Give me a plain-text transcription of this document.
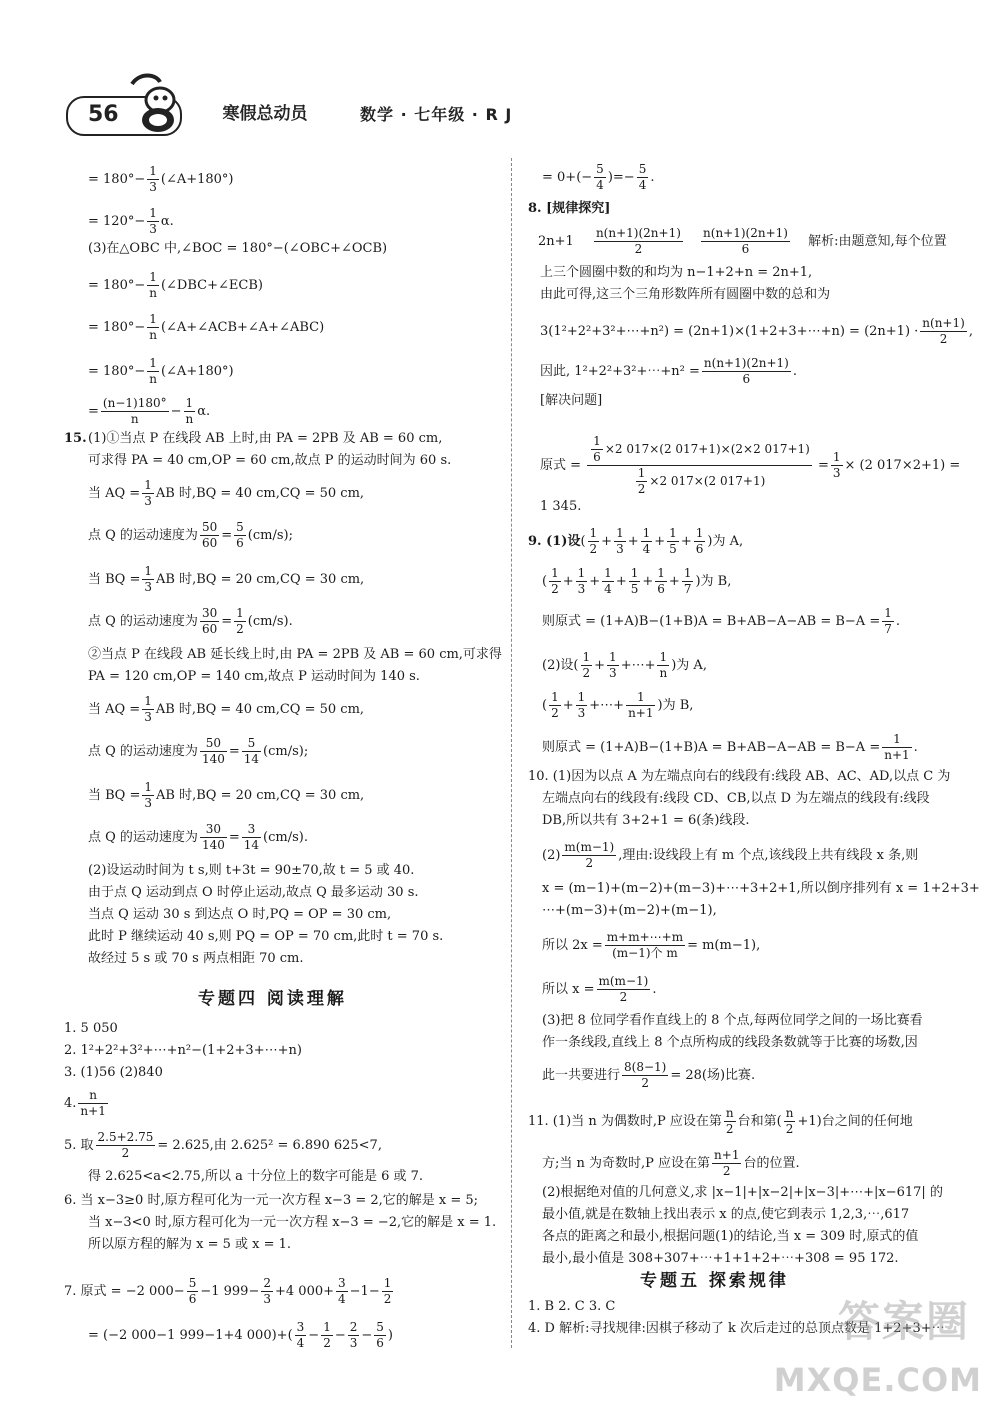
56	寒假总动员	数学 · 七年级 · R J
= $180^\circ- \frac{1}{3}$ (∠A+180°)
= $120^\circ- \frac{1}{3} \alpha$.
(3)在△OBC 中,∠BOC = 180°−(∠OBC+∠OCB)
= $180^\circ- \frac{1}{n}$ (∠DBC+∠ECB)
= $180^\circ- \frac{1}{n}$ (∠A+∠ACB+∠A+∠ABC)
= $180^\circ- \frac{1}{n}$ (∠A+180°)
= $\frac{(n-1)180^\circ}{n} - \frac{1}{n} \alpha$.
15. (1)①当点 P 在线段 AB 上时,由 PA = 2PB 及 AB = 60 cm,
可求得 PA = 40 cm,OP = 60 cm,故点 P 的运动时间为 60 s.
当 AQ = $\frac{1}{3}$ AB 时,BQ = 40 cm,CQ = 50 cm,
点 Q 的运动速度为 $\frac{50}{60} = \frac{5}{6} (cm/s)$;
当 BQ = $\frac{1}{3}$ AB 时,BQ = 20 cm,CQ = 30 cm,
点 Q 的运动速度为 $\frac{30}{60} = \frac{1}{2} (cm/s)$.
②当点 P 在线段 AB 延长线上时,由 PA = 2PB 及 AB = 60 cm,可求得
PA = 120 cm,OP = 140 cm,故点 P 运动时间为 140 s.
当 AQ = $\frac{1}{3}$ AB 时,BQ = 40 cm,CQ = 50 cm,
点 Q 的运动速度为 $\frac{50}{140} = \frac{5}{14} (cm/s)$;
当 BQ = $\frac{1}{3}$ AB 时,BQ = 20 cm,CQ = 30 cm,
点 Q 的运动速度为 $\frac{30}{140} = \frac{3}{14} (cm/s)$.
(2)设运动时间为 t s,则 t+3t = 90±70,故 t = 5 或 40.
由于点 Q 运动到点 O 时停止运动,故点 Q 最多运动 30 s.
当点 Q 运动 30 s 到达点 O 时,PQ = OP = 30 cm,
此时 P 继续运动 40 s,则 PQ = OP = 70 cm,此时 t = 70 s.
故经过 5 s 或 70 s 两点相距 70 cm.
专题四 阅读理解
1. 5 050
2. 1²+2²+3²+⋯+n²−(1+2+3+⋯+n)
3. (1)56 (2)840
4. $\frac{n}{n+1}$
5. 取 $\frac{2.5+2.75}{2} = 2.625$,由 2.625² = 6.890 625<7,
得 2.625<a<2.75,所以 a 十分位上的数字可能是 6 或 7.
6. 当 x−3≥0 时,原方程可化为一元一次方程 x−3 = 2,它的解是 x = 5;
当 x−3<0 时,原方程可化为一元一次方程 x−3 = −2,它的解是 x = 1.
所以原方程的解为 x = 5 或 x = 1.
7. 原式 = −2 $000- \frac{5}{6} -1$ $999- \frac{2}{3} +4$ $000+ \frac{3}{4} -1- \frac{1}{2}$
= (−2 000−1 999−1+4 $000)+( \frac{3}{4} - \frac{1}{2} - \frac{2}{3} - \frac{5}{6}$ )
= $0+(- \frac{5}{4}$ )=− $\frac{5}{4}$ .
8. [规律探究]
$2n+1 \frac{n(n+1)(2n+1)}{2}$
$\frac{n(n+1)(2n+1)}{6}$ 解析:由题意知,每个位置
上三个圆圈中数的和均为 n−1+2+n = 2n+1,
由此可得,这三个三角形数阵所有圆圈中数的总和为
3(1²+2²+3²+⋯+n²) = (2n+1)×(1+2+3+⋯+n) = $(2n+1) \cdot \frac{n(n+1)}{2}$ ,
因此, 1²+2²+3²+⋯+n² = $\frac{n(n+1)(2n+1)}{6}$ .
[解决问题]
原式 = $\frac{\frac{1}{6} \times 2 017\times(2 017+1)\times(2\times 2 017+1)}{\frac{1}{2} \times 2 017\times(2 017+1)} = \frac{1}{3} \times (2$ 017×2+1) =
1 345.
9. (1)设( $\frac{1}{2} + \frac{1}{3} + \frac{1}{4} + \frac{1}{5} + \frac{1}{6}$ )为 A,
( $\frac{1}{2} + \frac{1}{3} + \frac{1}{4} + \frac{1}{5} + \frac{1}{6} + \frac{1}{7}$ )为 B,
则原式 = $(1+A)B-(1+B)A = B+AB-A-AB = B-A = \frac{1}{7}$ .
(2)设( $\frac{1}{2} + \frac{1}{3}$ +⋯+ $\frac{1}{n}$ )为 A,
( $\frac{1}{2} + \frac{1}{3}$ +⋯+ $\frac{1}{n+1}$ )为 B,
则原式 = $(1+A)B-(1+B)A = B+AB-A-AB = B-A = \frac{1}{n+1}$ .
10. (1)因为以点 A 为左端点向右的线段有:线段 AB、AC、AD,以点 C 为
左端点向右的线段有:线段 CD、CB,以点 D 为左端点的线段有:线段
DB,所以共有 3+2+1 = 6(条)线段.
$(2) \frac{m(m-1)}{2}$ ,理由:设线段上有 m 个点,该线段上共有线段 x 条,则
x = (m−1)+(m−2)+(m−3)+⋯+3+2+1,所以倒序排列有 x = 1+2+3+
⋯+(m−3)+(m−2)+(m−1),
所以 $2x = \frac{m+m+\cdots+m}{\text{(m−1)个 m}} = m(m-1)$,
所以 $x = \frac{m(m-1)}{2}$ .
(3)把 8 位同学看作直线上的 8 个点,每两位同学之间的一场比赛看
作一条线段,直线上 8 个点所构成的线段条数就等于比赛的场数,因
此一共要进行 $\frac{8(8-1)}{2} = 28$(场)比赛.
11. (1)当 n 为偶数时,P 应设在第 $\frac{n}{2}$ 台和第( $\frac{n}{2} +1$)台之间的任何地
方;当 n 为奇数时,P 应设在第 $\frac{n+1}{2}$ 台的位置.
(2)根据绝对值的几何意义,求 |x−1|+|x−2|+|x−3|+⋯+|x−617| 的
最小值,就是在数轴上找出表示 x 的点,使它到表示 1,2,3,⋯,617
各点的距离之和最小,根据问题(1)的结论,当 x = 309 时,原式的值
最小,最小值是 308+307+⋯+1+1+2+⋯+308 = 95 172.
专题五 探索规律
1. B 2. C 3. C
4. D 解析:寻找规律:因棋子移动了 k 次后走过的总顶点数是 1+2+3+⋯
答案圈
MXQE.COM
